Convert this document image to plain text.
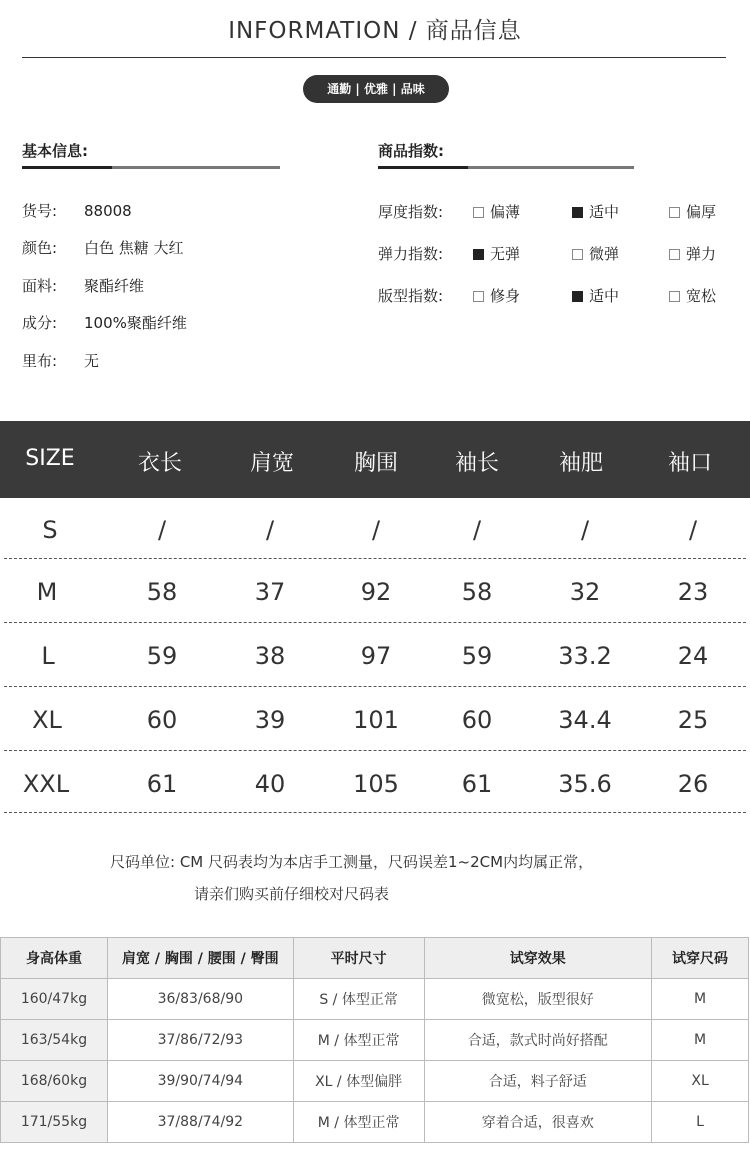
INFORMATION / 商品信息
通勤 | 优雅 | 品味
基本信息:
货号: 88008
颜色: 白色 焦糖 大红
面料: 聚酯纤维
成分: 100%聚酯纤维
里布: 无
商品指数:
厚度指数:	偏薄	适中	偏厚
弹力指数:	无弹	微弹	弹力
版型指数:	修身	适中	宽松
SIZE	衣长	肩宽	胸围	袖长	袖肥	袖口
S	/	/	/	/	/	/
M	58	37	92	58	32	23
L	59	38	97	59	33.2	24
XL	60	39	101	60	34.4	25
XXL	61	40	105	61	35.6	26
尺码单位: CM 尺码表均为本店手工测量，尺码误差1~2CM内均属正常，
请亲们购买前仔细校对尺码表
身高体重	肩宽 / 胸围 / 腰围 / 臀围	平时尺寸	试穿效果	试穿尺码
160/47kg	36/83/68/90	S / 体型正常	微宽松，版型很好	M
163/54kg	37/86/72/93	M / 体型正常	合适，款式时尚好搭配	M
168/60kg	39/90/74/94	XL / 体型偏胖	合适，料子舒适	XL
171/55kg	37/88/74/92	M / 体型正常	穿着合适，很喜欢	L
